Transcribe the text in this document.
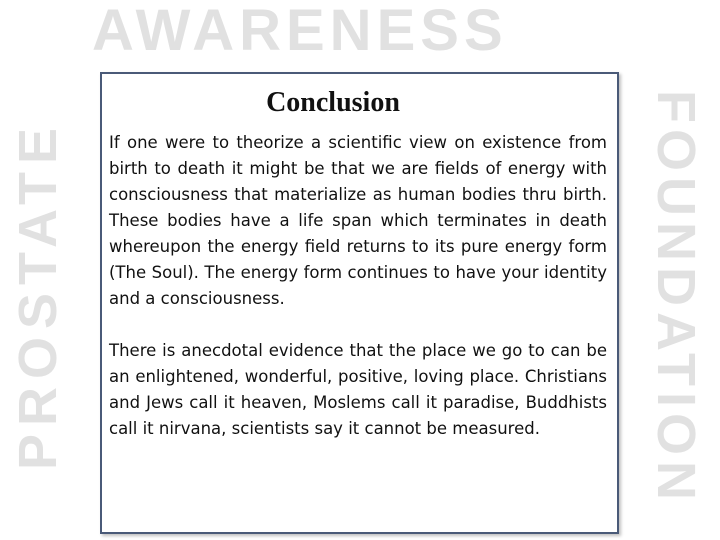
AWARENESS
PROSTATE	FOUNDATION
Conclusion

If one were to theorize a scientific view on existence from birth to death it might be that we are fields of energy with consciousness that materialize as human bodies thru birth. These bodies have a life span which terminates in death whereupon the energy field returns to its pure energy form (The Soul). The energy form continues to have your identity and a consciousness.

There is anecdotal evidence that the place we go to can be an enlightened, wonderful, positive, loving place. Christians and Jews call it heaven, Moslems call it paradise, Buddhists call it nirvana, scientists say it cannot be measured.
